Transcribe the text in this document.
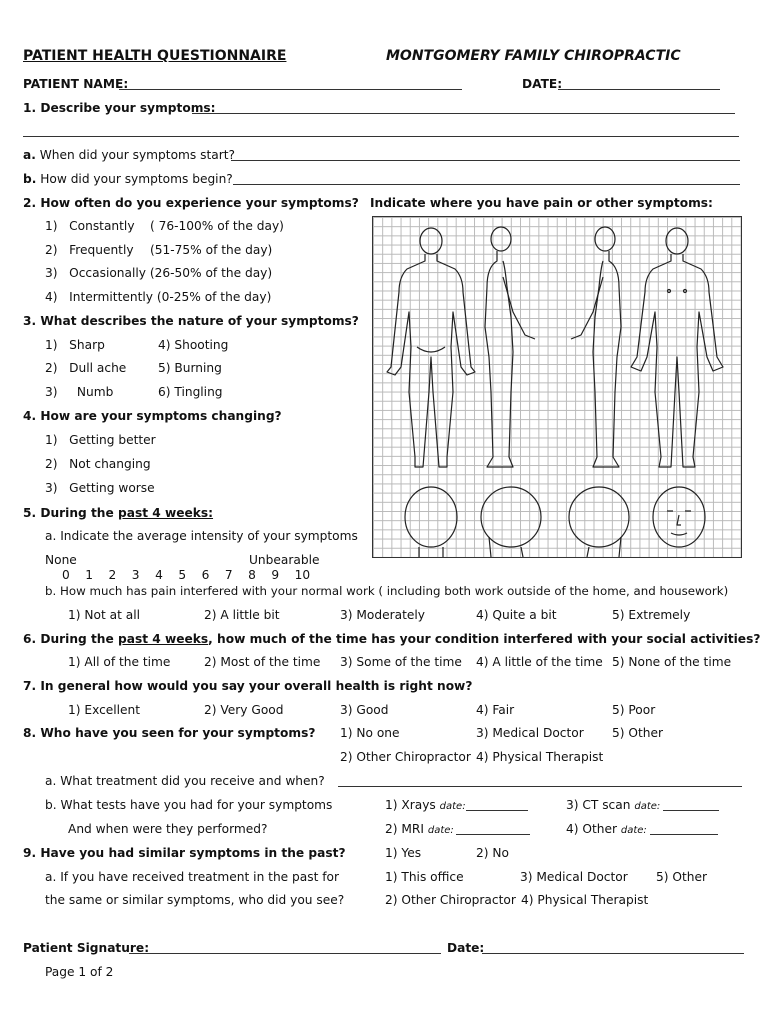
PATIENT HEALTH QUESTIONNAIRE	MONTGOMERY FAMILY CHIROPRACTIC
PATIENT NAME:	DATE:
1. Describe your symptoms:
a. When did your symptoms start?
b. How did your symptoms begin?
2. How often do you experience your symptoms? Indicate where you have pain or other symptoms:
1) Constantly ( 76-100% of the day)
2) Frequently (51-75% of the day)
3) Occasionally (26-50% of the day)
4) Intermittently (0-25% of the day)
3. What describes the nature of your symptoms?
1) Sharp	4) Shooting
2) Dull ache	5) Burning
3) Numb	6) Tingling
4. How are your symptoms changing?
1) Getting better
2) Not changing
3) Getting worse
5. During the past 4 weeks:
a. Indicate the average intensity of your symptoms
None	Unbearable
0 1 2 3 4 5 6 7 8 9 10
b. How much has pain interfered with your normal work ( including both work outside of the home, and housework)
1) Not at all	2) A little bit	3) Moderately	4) Quite a bit	5) Extremely
6. During the past 4 weeks, how much of the time has your condition interfered with your social activities?
1) All of the time	2) Most of the time 3) Some of the time 4) A little of the time 5) None of the time
7. In general how would you say your overall health is right now?
1) Excellent	2) Very Good	3) Good	4) Fair	5) Poor
8. Who have you seen for your symptoms? 1) No one	3) Medical Doctor 5) Other
2) Other Chiropractor 4) Physical Therapist
a. What treatment did you receive and when?
b. What tests have you had for your symptoms	1) Xrays date:	3) CT scan date:
And when were they performed?	2) MRI date:	4) Other date:
9. Have you had similar symptoms in the past?	1) Yes	2) No
a. If you have received treatment in the past for	1) This office	3) Medical Doctor 5) Other
the same or similar symptoms, who did you see?	2) Other Chiropractor 4) Physical Therapist
Patient Signature:	Date:
Page 1 of 2
